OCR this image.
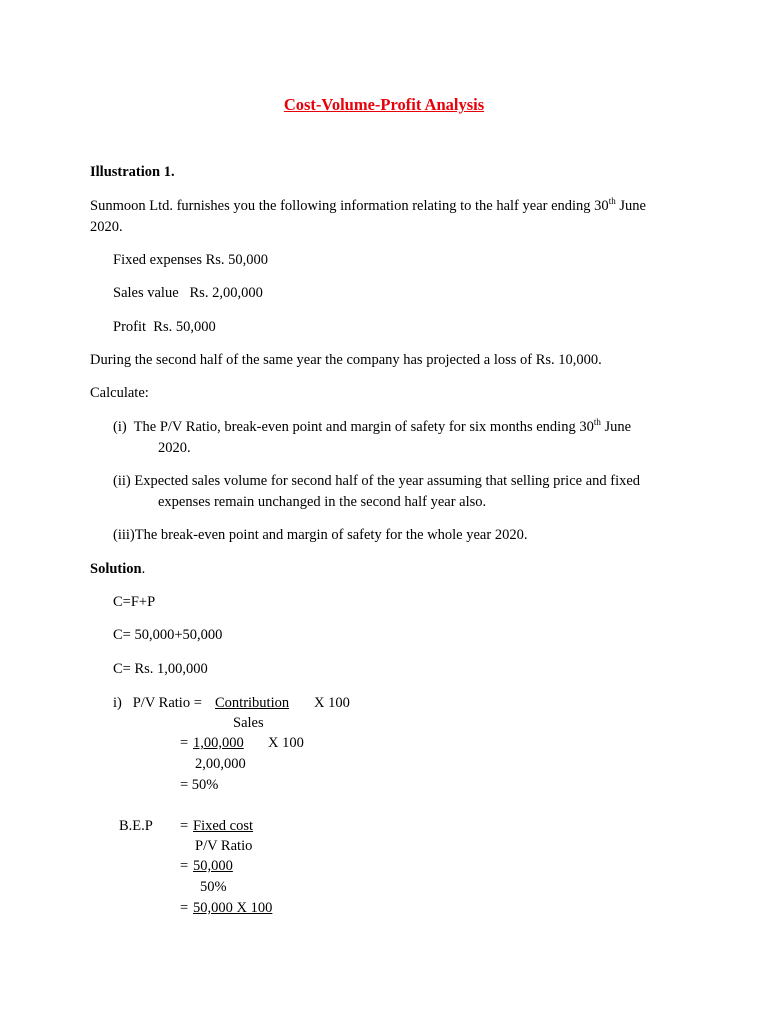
Cost-Volume-Profit Analysis
Illustration 1.
Sunmoon Ltd. furnishes you the following information relating to the half year ending 30th June
2020.
Fixed expenses Rs. 50,000
Sales value   Rs. 2,00,000
Profit  Rs. 50,000
During the second half of the same year the company has projected a loss of Rs. 10,000.
Calculate:
(i)  The P/V Ratio, break-even point and margin of safety for six months ending 30th June
2020.
(ii) Expected sales volume for second half of the year assuming that selling price and fixed
expenses remain unchanged in the second half year also.
(iii)The break-even point and margin of safety for the whole year 2020.
Solution.
C=F+P
C= 50,000+50,000
C= Rs. 1,00,000
i)   P/V Ratio = Contribution X 100
Sales
= 1,00,000 X 100
2,00,000
= 50%
B.E.P = Fixed cost
P/V Ratio
= 50,000
50%
= 50,000 X 100
